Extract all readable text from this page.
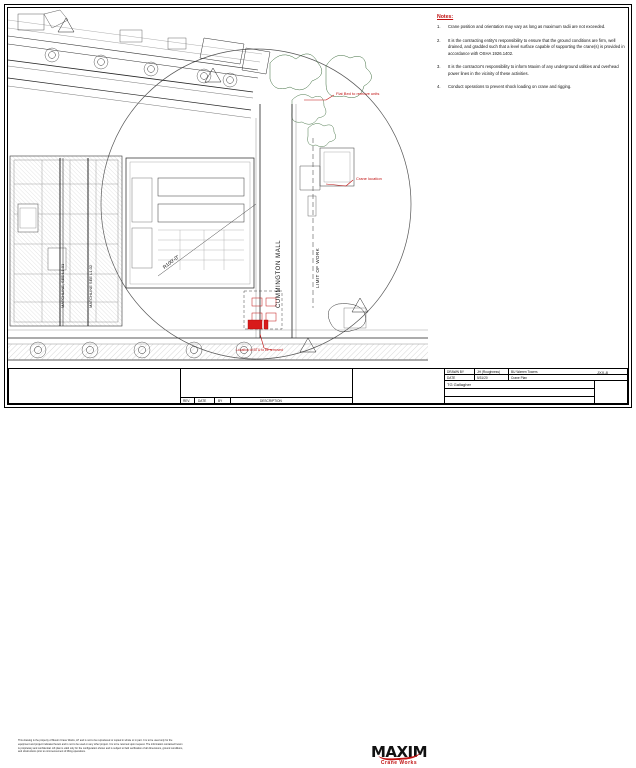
MATCHLINE, SEE L1.01	MATCHLINE SEE L1.02	CUMMINGTON MALL	LIMIT OF WORK
R100'-0"
Crane location
Flat Bed to remove units
Location of BTU to be removed
Notes:
1.	Crane position and orientation may vary as long as maximum radii are not exceeded.
2.	It is the contracting entity's responsibility to ensure that the ground conditions are firm, well drained, and gradded such that a level surface capable of supporting the crane(s) is provided in accordance with OSHA 1926.1402.
3.	It is the contractor's responsibility to inform Maxim of any underground utilities and overhead power lines in the vicinity of these activities.
4.	Conduct operations to prevent shock loading on crane and rigging.
This drawing is the property of Maxim Crane Works, LP and is not to be reproduced or copied in whole or in part. It is to be used only for the equipment and project indicated herein and is not to be used on any other project. It is to be returned upon request. The information contained herein is proprietary and confidential. Lift plan is valid only for the configuration shown and is subject to field verification of all dimensions, ground conditions, and obstructions prior to commencement of lifting operations.
REV. DATE	BY	DESCRIPTION
MAXIM
Crane Works
DRAWN BY	JH (Roughness)	BU Warren Towers
DATE	5/31/20	Crane Plan
TG Gallagher
JXX-8
